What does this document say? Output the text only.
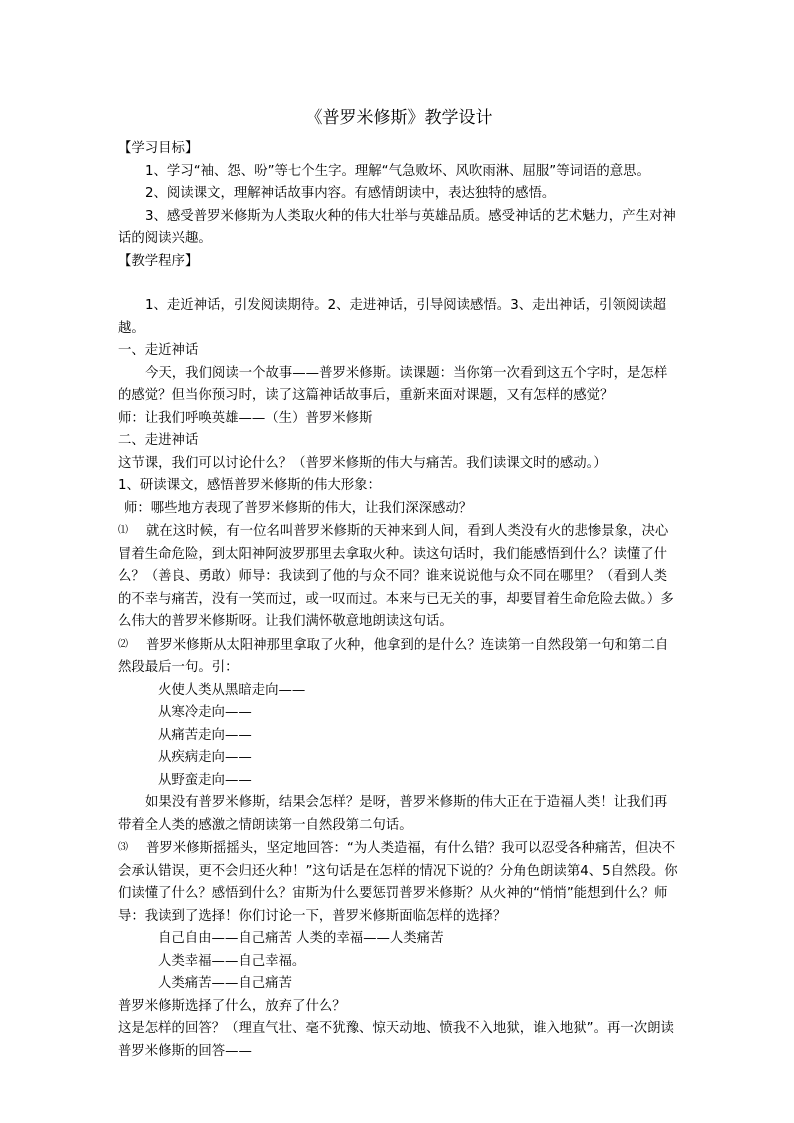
《普罗米修斯》教学设计

【学习目标】

1、学习“袖、怨、吩”等七个生字。理解“气急败坏、风吹雨淋、屈服”等词语的意思。

2、阅读课文，理解神话故事内容。有感情朗读中，表达独特的感悟。

3、感受普罗米修斯为人类取火种的伟大壮举与英雄品质。感受神话的艺术魅力，产生对神话的阅读兴趣。

【教学程序】

1、走近神话，引发阅读期待。2、走进神话，引导阅读感悟。3、走出神话，引领阅读超越。

一、走近神话

今天，我们阅读一个故事——普罗米修斯。读课题：当你第一次看到这五个字时，是怎样的感觉？但当你预习时，读了这篇神话故事后，重新来面对课题，又有怎样的感觉？

师：让我们呼唤英雄——（生）普罗米修斯

二、走进神话

这节课，我们可以讨论什么？（普罗米修斯的伟大与痛苦。我们读课文时的感动。）

1、研读课文，感悟普罗米修斯的伟大形象：

师：哪些地方表现了普罗米修斯的伟大，让我们深深感动？

⑴ 就在这时候，有一位名叫普罗米修斯的天神来到人间，看到人类没有火的悲惨景象，决心冒着生命危险，到太阳神阿波罗那里去拿取火种。读这句话时，我们能感悟到什么？读懂了什么？（善良、勇敢）师导：我读到了他的与众不同？谁来说说他与众不同在哪里？（看到人类的不幸与痛苦，没有一笑而过，或一叹而过。本来与已无关的事，却要冒着生命危险去做。）多么伟大的普罗米修斯呀。让我们满怀敬意地朗读这句话。

⑵ 普罗米修斯从太阳神那里拿取了火种，他拿到的是什么？连读第一自然段第一句和第二自然段最后一句。引：

火使人类从黑暗走向——

从寒冷走向——

从痛苦走向——

从疾病走向——

从野蛮走向——

如果没有普罗米修斯，结果会怎样？是呀，普罗米修斯的伟大正在于造福人类！让我们再带着全人类的感激之情朗读第一自然段第二句话。

⑶ 普罗米修斯摇摇头，坚定地回答：“为人类造福，有什么错？我可以忍受各种痛苦，但决不会承认错误，更不会归还火种！”这句话是在怎样的情况下说的？分角色朗读第4、5自然段。你们读懂了什么？感悟到什么？宙斯为什么要惩罚普罗米修斯？从火神的“悄悄”能想到什么？师导：我读到了选择！你们讨论一下，普罗米修斯面临怎样的选择？

自己自由——自己痛苦 人类的幸福——人类痛苦

人类幸福——自己幸福。

人类痛苦——自己痛苦

普罗米修斯选择了什么，放弃了什么？

这是怎样的回答？（理直气壮、毫不犹豫、惊天动地、愤我不入地狱，谁入地狱”。再一次朗读普罗米修斯的回答——
